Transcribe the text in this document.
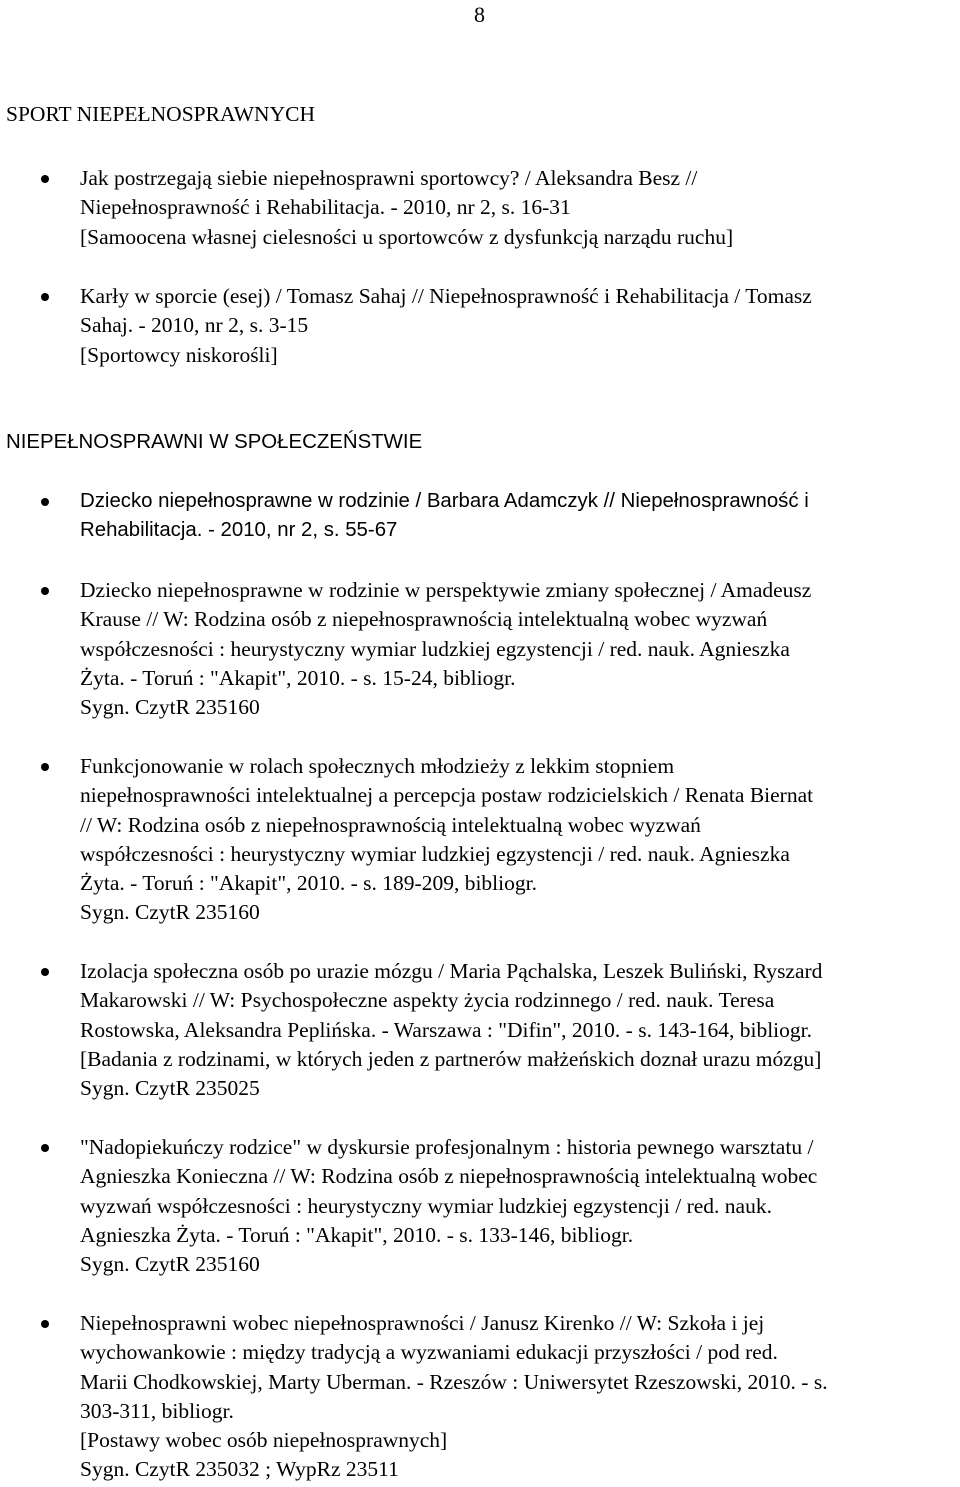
8
SPORT NIEPEŁNOSPRAWNYCH
Jak postrzegają siebie niepełnosprawni sportowcy? / Aleksandra Besz //
Niepełnosprawność i Rehabilitacja. - 2010, nr 2, s. 16-31
[Samoocena własnej cielesności u sportowców z dysfunkcją narządu ruchu]
Karły w sporcie (esej) / Tomasz Sahaj // Niepełnosprawność i Rehabilitacja / Tomasz
Sahaj. - 2010, nr 2, s. 3-15
[Sportowcy niskorośli]
NIEPEŁNOSPRAWNI W SPOŁECZEŃSTWIE
Dziecko niepełnosprawne w rodzinie / Barbara Adamczyk // Niepełnosprawność i
Rehabilitacja. - 2010, nr 2, s. 55-67
Dziecko niepełnosprawne w rodzinie w perspektywie zmiany społecznej / Amadeusz
Krause // W: Rodzina osób z niepełnosprawnością intelektualną wobec wyzwań
współczesności : heurystyczny wymiar ludzkiej egzystencji / red. nauk. Agnieszka
Żyta. - Toruń : "Akapit", 2010. - s. 15-24, bibliogr.
Sygn. CzytR 235160
Funkcjonowanie w rolach społecznych młodzieży z lekkim stopniem
niepełnosprawności intelektualnej a percepcja postaw rodzicielskich / Renata Biernat
// W: Rodzina osób z niepełnosprawnością intelektualną wobec wyzwań
współczesności : heurystyczny wymiar ludzkiej egzystencji / red. nauk. Agnieszka
Żyta. - Toruń : "Akapit", 2010. - s. 189-209, bibliogr.
Sygn. CzytR 235160
Izolacja społeczna osób po urazie mózgu / Maria Pąchalska, Leszek Buliński, Ryszard
Makarowski // W: Psychospołeczne aspekty życia rodzinnego / red. nauk. Teresa
Rostowska, Aleksandra Peplińska. - Warszawa : "Difin", 2010. - s. 143-164, bibliogr.
[Badania z rodzinami, w których jeden z partnerów małżeńskich doznał urazu mózgu]
Sygn. CzytR 235025
"Nadopiekuńczy rodzice" w dyskursie profesjonalnym : historia pewnego warsztatu /
Agnieszka Konieczna // W: Rodzina osób z niepełnosprawnością intelektualną wobec
wyzwań współczesności : heurystyczny wymiar ludzkiej egzystencji / red. nauk.
Agnieszka Żyta. - Toruń : "Akapit", 2010. - s. 133-146, bibliogr.
Sygn. CzytR 235160
Niepełnosprawni wobec niepełnosprawności / Janusz Kirenko // W: Szkoła i jej
wychowankowie : między tradycją a wyzwaniami edukacji przyszłości / pod red.
Marii Chodkowskiej, Marty Uberman. - Rzeszów : Uniwersytet Rzeszowski, 2010. - s.
303-311, bibliogr.
[Postawy wobec osób niepełnosprawnych]
Sygn. CzytR 235032 ; WypRz 23511
